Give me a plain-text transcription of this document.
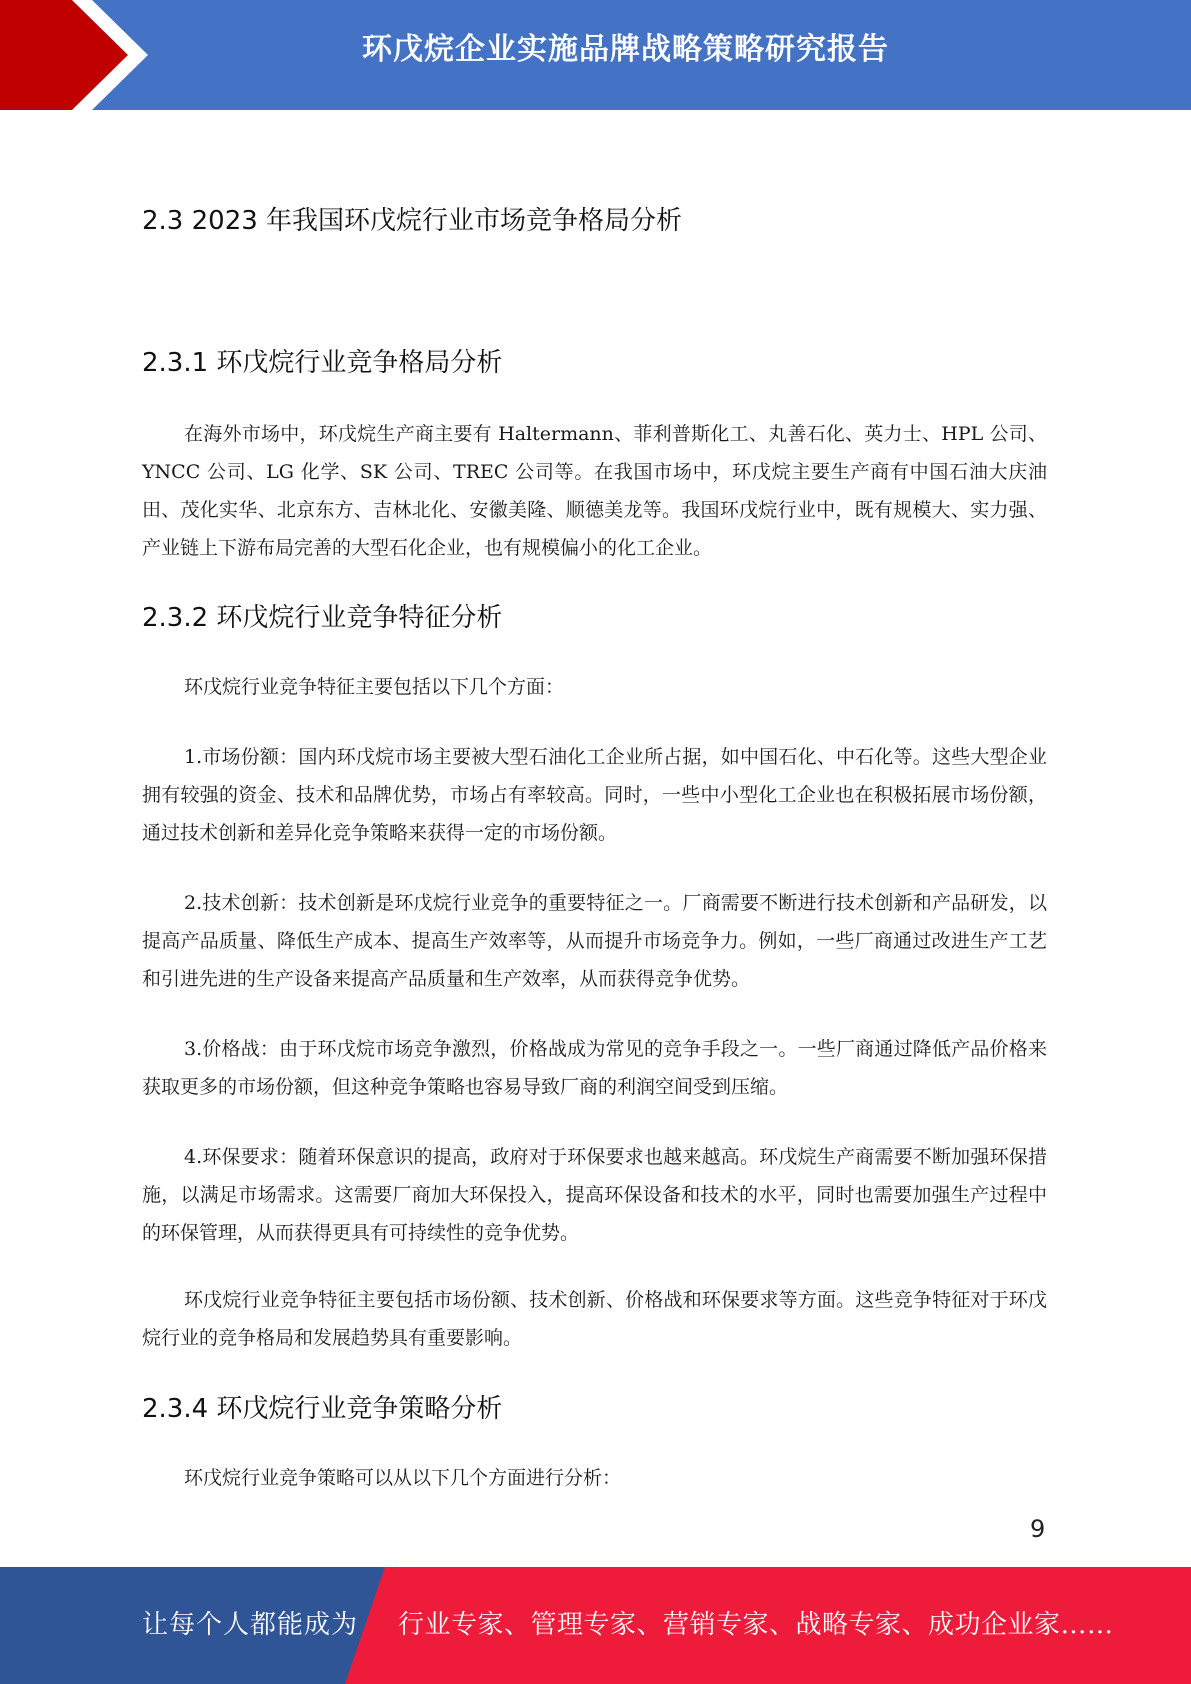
环戊烷企业实施品牌战略策略研究报告
2.3 2023 年我国环戊烷行业市场竞争格局分析
2.3.1 环戊烷行业竞争格局分析
在海外市场中，环戊烷生产商主要有 Haltermann、菲利普斯化工、丸善石化、英力士、HPL 公司、YNCC 公司、LG 化学、SK 公司、TREC 公司等。在我国市场中，环戊烷主要生产商有中国石油大庆油田、茂化实华、北京东方、吉林北化、安徽美隆、顺德美龙等。我国环戊烷行业中，既有规模大、实力强、产业链上下游布局完善的大型石化企业，也有规模偏小的化工企业。
2.3.2 环戊烷行业竞争特征分析
环戊烷行业竞争特征主要包括以下几个方面：
1.市场份额：国内环戊烷市场主要被大型石油化工企业所占据，如中国石化、中石化等。这些大型企业拥有较强的资金、技术和品牌优势，市场占有率较高。同时，一些中小型化工企业也在积极拓展市场份额，通过技术创新和差异化竞争策略来获得一定的市场份额。
2.技术创新：技术创新是环戊烷行业竞争的重要特征之一。厂商需要不断进行技术创新和产品研发，以提高产品质量、降低生产成本、提高生产效率等，从而提升市场竞争力。例如，一些厂商通过改进生产工艺和引进先进的生产设备来提高产品质量和生产效率，从而获得竞争优势。
3.价格战：由于环戊烷市场竞争激烈，价格战成为常见的竞争手段之一。一些厂商通过降低产品价格来获取更多的市场份额，但这种竞争策略也容易导致厂商的利润空间受到压缩。
4.环保要求：随着环保意识的提高，政府对于环保要求也越来越高。环戊烷生产商需要不断加强环保措施，以满足市场需求。这需要厂商加大环保投入，提高环保设备和技术的水平，同时也需要加强生产过程中的环保管理，从而获得更具有可持续性的竞争优势。
环戊烷行业竞争特征主要包括市场份额、技术创新、价格战和环保要求等方面。这些竞争特征对于环戊烷行业的竞争格局和发展趋势具有重要影响。
2.3.4 环戊烷行业竞争策略分析
环戊烷行业竞争策略可以从以下几个方面进行分析：
9
让每个人都能成为 行业专家、管理专家、营销专家、战略专家、成功企业家……
